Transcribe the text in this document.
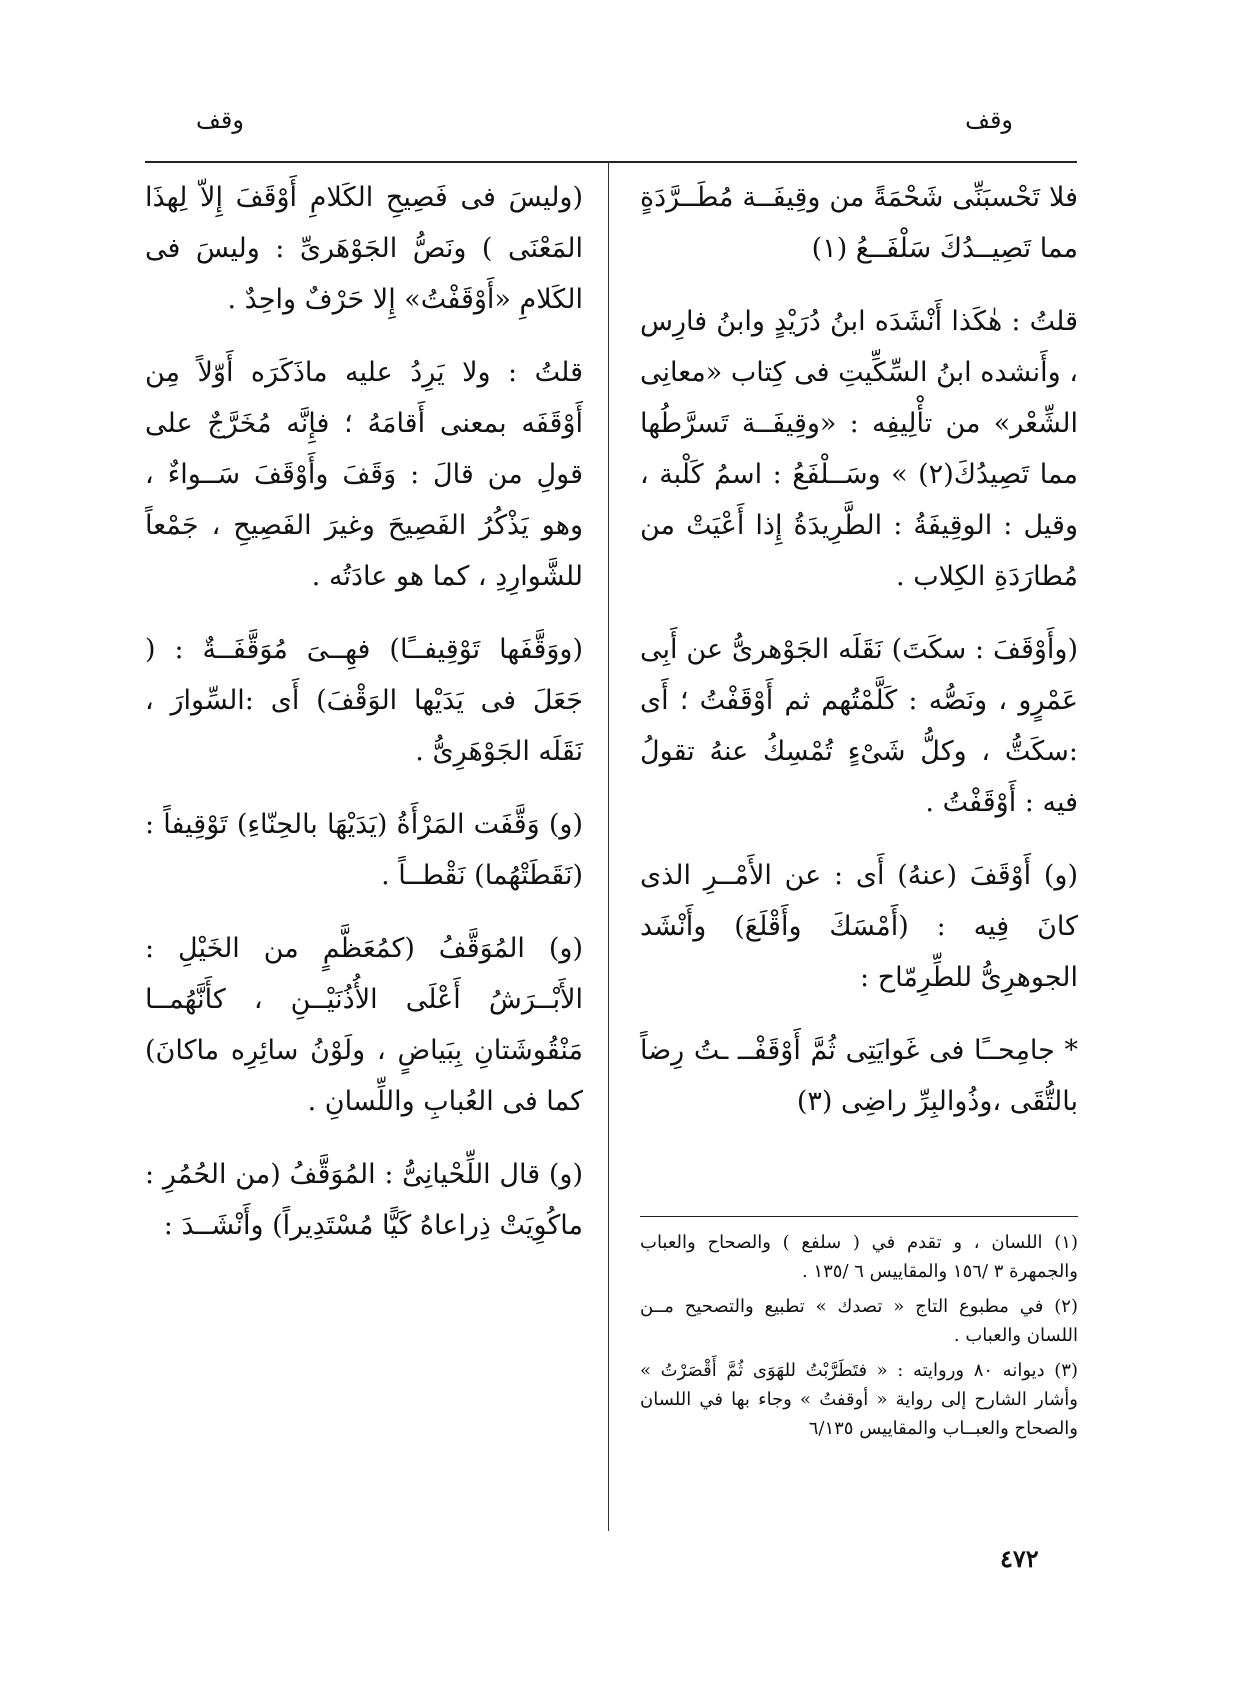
وقف
وقف
فلا تَحْسبَنِّى شَحْمَةً من وقِيفَــة مُطَــرَّدَةٍ مما تَصِيــدُكَ سَلْفَــعُ (١)

قلتُ : هٰكَذا أَنْشَدَه ابنُ دُرَيْدٍ وابنُ فارِس ، وأَنشده ابنُ السِّكِّيتِ فى كِتاب «معانِى الشِّعْر» من تأْلِيفِه : «وقِيفَــة تَسرَّطُها مما تَصِيدُكَ(٢) » وسَــلْفَعُ : اسمُ كَلْبة ، وقيل : الوقِيفَةُ : الطَّرِيدَةُ إِذا أَعْيَتْ من مُطارَدَةِ الكِلاب .

(وأَوْقَفَ : سكَتَ) نَقَلَه الجَوْهرىُّ عن أَبِى عَمْرٍو ، ونَصُّه : كَلَّمْتُهم ثم أَوْقَفْتُ ؛ أَى :سكَتُّ ، وكلُّ شَىْءٍ تُمْسِكُ عنهُ تقولُ فيه : أَوْقَفْتُ .

(و) أَوْقَفَ (عنهُ) أَى : عن الأَمْــرِ الذى كانَ فِيه : (أَمْسَكَ وأَقْلَعَ) وأَنْشَد الجوهرِىُّ للطِّرِمّاح :

* جامِحــًا فى غَوايَتِى ثُمَّ أَوْقَفْــ ـتُ رِضاً بالتُّقَى ،وذُوالبِرِّ راضِى (٣)

(وليسَ فى فَصِيحِ الكَلامِ أَوْقَفَ إِلاّ لِهذَا المَعْنَى ) ونَصُّ الجَوْهَرىِّ : وليسَ فى الكَلامِ «أَوْقَفْتُ» إِلا حَرْفٌ واحِدٌ .

قلتُ : ولا يَرِدُ عليه ماذَكَرَه أَوّلاً مِن أَوْقَفَه بمعنى أَقامَهُ ؛ فإِنَّه مُخَرَّجٌ على قولِ من قالَ : وَقَفَ وأَوْقَفَ سَــواءٌ ، وهو يَذْكُرُ الفَصِيحَ وغيرَ الفَصِيحِ ، جَمْعاً للشَّوارِدِ ، كما هو عادَتُه .

(ووَقَّفَها تَوْقِيفــًا) فهِــىَ مُوَقَّفَــةٌ : ( جَعَلَ فى يَدَيْها الوَقْفَ) أَى :السِّوارَ ، نَقَلَه الجَوْهَرِىُّ .

(و) وَقَّفَت المَرْأَةُ (يَدَيْهَا بالحِنّاءِ) تَوْقِيفاً : (نَقَطَتْهُما) نَقْطــاً .

(و) المُوَقَّفُ (كمُعَظَّمٍ من الخَيْلِ : الأَبْــرَشُ أَعْلَى الأُذُنَيْــنِ ، كأَنَّهُمــا مَنْقُوشَتانِ بِبَياضٍ ، ولَوْنُ سائِرِه ماكانَ) كما فى العُبابِ واللِّسانِ .

(و) قال اللِّحْيانِىُّ : المُوَقَّفُ (من الحُمُرِ : ماكُوِيَتْ ذِراعاهُ كَيًّا مُسْتَدِيراً) وأَنْشَــدَ :

(١) اللسان ، و تقدم في ( سلفع ) والصحاح والعباب والجمهرة ٣ /١٥٦ والمقاييس ٦ /١٣٥ .

(٢) في مطبوع التاج « تصدك » تطبيع والتصحيح مــن اللسان والعباب .

(٣) ديوانه ٨٠ وروايته : « فتَطَرَّبْتُ للهَوَى ثُمَّ أَقْصَرْتُ » وأشار الشارح إلى رواية « أوقفتُ » وجاء بها في اللسان والصحاح والعبــاب والمقاييس ٦/١٣٥

٤٧٢
